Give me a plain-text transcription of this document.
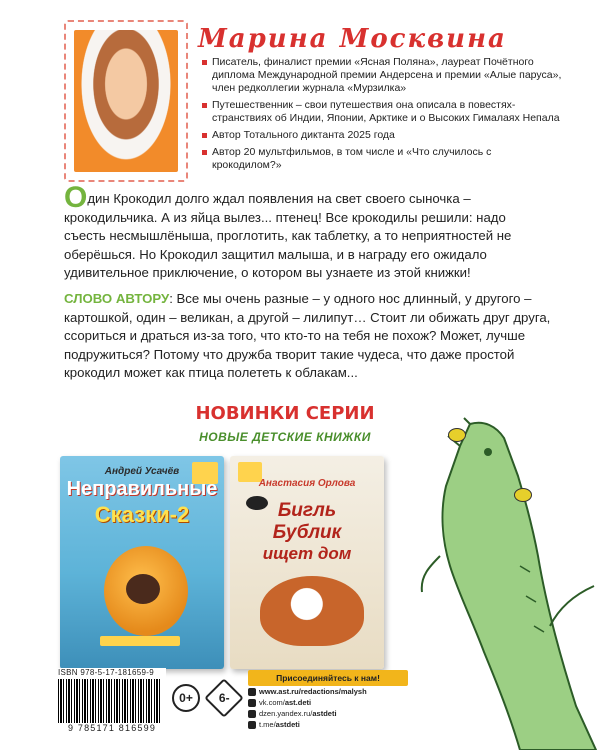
Марина Москвина
Писатель, финалист премии «Ясная Поляна», лауреат Почётного диплома Международной премии Андерсена и премии «Алые паруса», член редколлегии журнала «Мурзилка»
Путешественник – свои путешествия она описала в повестях-странствиях об Индии, Японии, Арктике и о Высоких Гималаях Непала
Автор Тотального диктанта 2025 года
Автор 20 мультфильмов, в том числе и «Что случилось с крокодилом?»

Один Крокодил долго ждал появления на свет своего сыночка – крокодильчика. А из яйца вылез... птенец! Все крокодилы решили: надо съесть несмышлёныша, проглотить, как таблетку, а то неприятностей не оберёшься. Но Крокодил защитил малыша, и в награду его ожидало удивительное приключение, о котором вы узнаете из этой книжки!

СЛОВО АВТОРУ: Все мы очень разные – у одного нос длинный, у другого – картошкой, один – великан, а другой – лилипут… Стоит ли обижать друг друга, ссориться и драться из-за того, что кто-то на тебя не похож? Может, лучше подружиться? Потому что дружба творит такие чудеса, что даже простой крокодил может как птица полететь к облакам...

НОВИНКИ СЕРИИ
НОВЫЕ ДЕТСКИЕ КНИЖКИ
Андрей Усачёв
Неправильные
Сказки-2
Анастасия Орлова
Бигль
Бублик
ищет дом
ISBN 978-5-17-181659-9
9 785171 816599
0+ 6-
Присоединяйтесь к нам!
www.ast.ru/redactions/malysh
vk.com/ ast.deti
dzen.yandex.ru/ astdeti
t.me/ astdeti
